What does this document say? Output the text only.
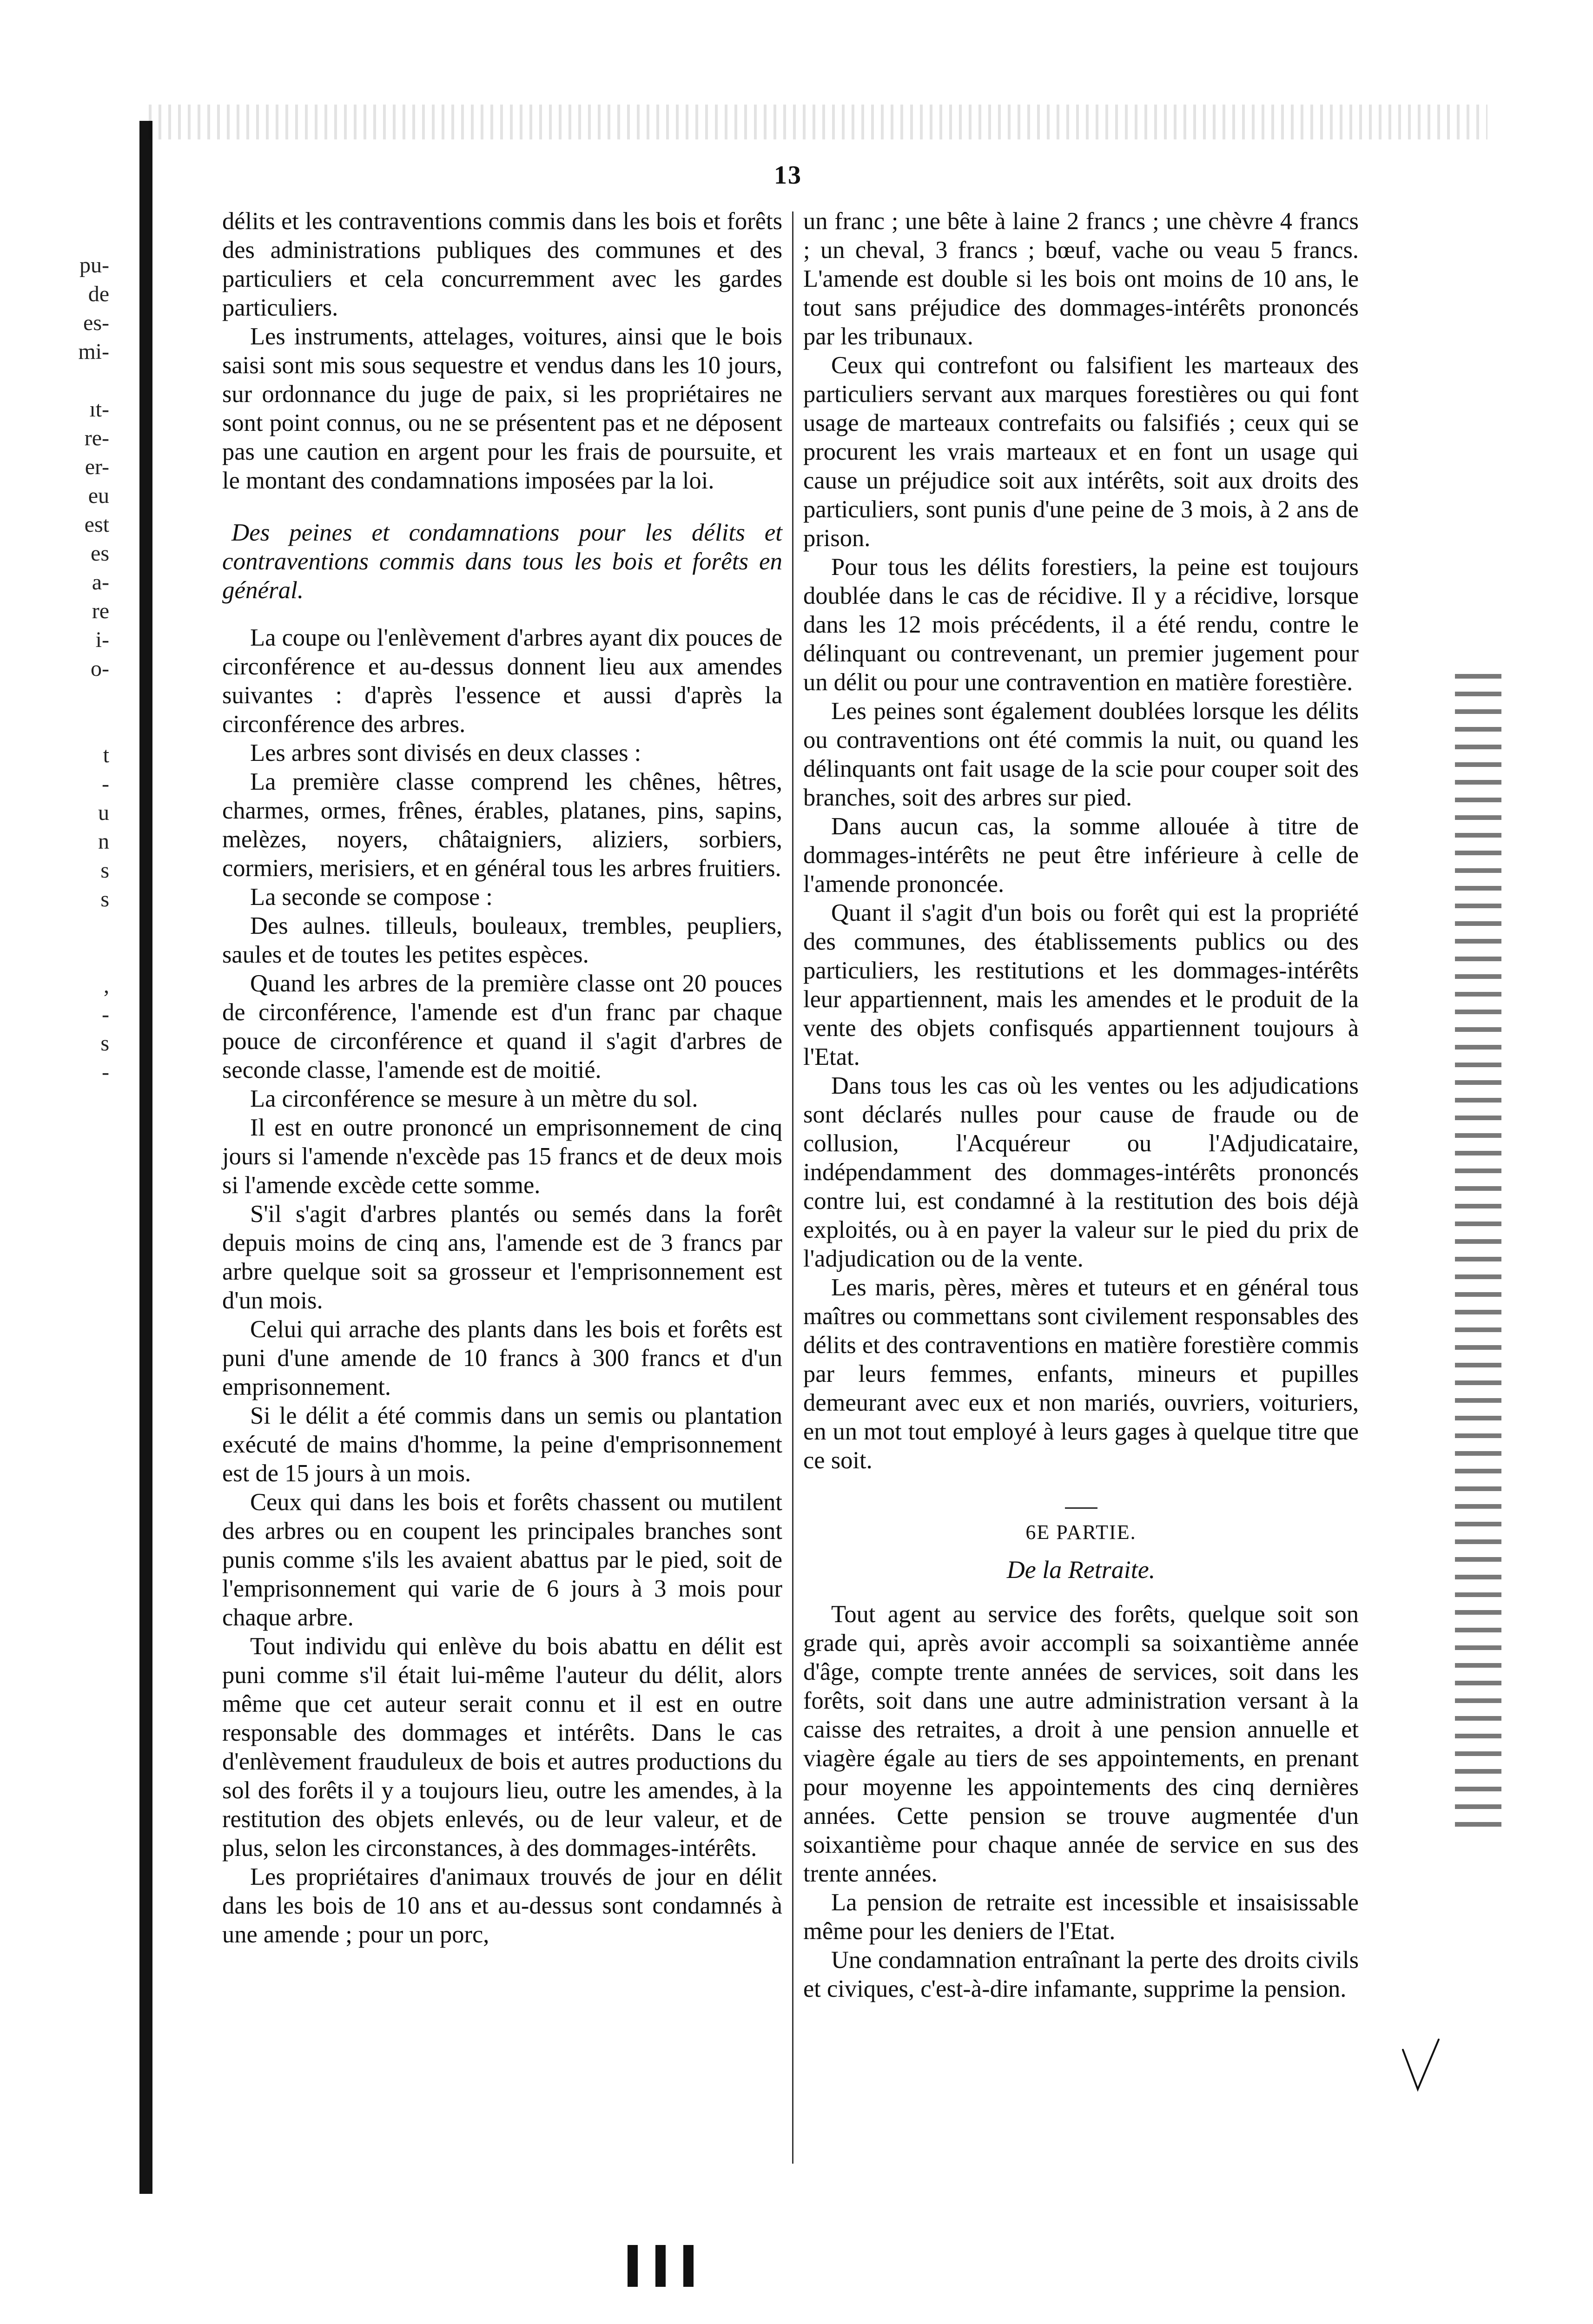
pu-
de
es-
mi-

ıt-
re-
er-
eu
est
es
a-
re
i-
o-

t
-
u
n
s
s

,
-
s
-
13

délits et les contraventions commis dans les bois et forêts des administrations publiques des communes et des particuliers et cela concurremment avec les gardes particuliers.

Les instruments, attelages, voitures, ainsi que le bois saisi sont mis sous sequestre et vendus dans les 10 jours, sur ordonnance du juge de paix, si les propriétaires ne sont point connus, ou ne se présentent pas et ne déposent pas une caution en argent pour les frais de poursuite, et le montant des condamnations imposées par la loi.

Des peines et condamnations pour les délits et contraventions commis dans tous les bois et forêts en général.

La coupe ou l'enlèvement d'arbres ayant dix pouces de circonférence et au-dessus donnent lieu aux amendes suivantes : d'après l'essence et aussi d'après la circonférence des arbres.

Les arbres sont divisés en deux classes :

La première classe comprend les chênes, hêtres, charmes, ormes, frênes, érables, platanes, pins, sapins, melèzes, noyers, châtaigniers, aliziers, sorbiers, cormiers, merisiers, et en général tous les arbres fruitiers.

La seconde se compose :

Des aulnes. tilleuls, bouleaux, trembles, peupliers, saules et de toutes les petites espèces.

Quand les arbres de la première classe ont 20 pouces de circonférence, l'amende est d'un franc par chaque pouce de circonférence et quand il s'agit d'arbres de seconde classe, l'amende est de moitié.

La circonférence se mesure à un mètre du sol.

Il est en outre prononcé un emprisonnement de cinq jours si l'amende n'excède pas 15 francs et de deux mois si l'amende excède cette somme.

S'il s'agit d'arbres plantés ou semés dans la forêt depuis moins de cinq ans, l'amende est de 3 francs par arbre quelque soit sa grosseur et l'emprisonnement est d'un mois.

Celui qui arrache des plants dans les bois et forêts est puni d'une amende de 10 francs à 300 francs et d'un emprisonnement.

Si le délit a été commis dans un semis ou plantation exécuté de mains d'homme, la peine d'emprisonnement est de 15 jours à un mois.

Ceux qui dans les bois et forêts chassent ou mutilent des arbres ou en coupent les principales branches sont punis comme s'ils les avaient abattus par le pied, soit de l'emprisonnement qui varie de 6 jours à 3 mois pour chaque arbre.

Tout individu qui enlève du bois abattu en délit est puni comme s'il était lui-même l'auteur du délit, alors même que cet auteur serait connu et il est en outre responsable des dommages et intérêts. Dans le cas d'enlèvement frauduleux de bois et autres productions du sol des forêts il y a toujours lieu, outre les amendes, à la restitution des objets enlevés, ou de leur valeur, et de plus, selon les circonstances, à des dommages-intérêts.

Les propriétaires d'animaux trouvés de jour en délit dans les bois de 10 ans et au-dessus sont condamnés à une amende ; pour un porc,

un franc ; une bête à laine 2 francs ; une chèvre 4 francs ; un cheval, 3 francs ; bœuf, vache ou veau 5 francs. L'amende est double si les bois ont moins de 10 ans, le tout sans préjudice des dommages-intérêts prononcés par les tribunaux.

Ceux qui contrefont ou falsifient les marteaux des particuliers servant aux marques forestières ou qui font usage de marteaux contrefaits ou falsifiés ; ceux qui se procurent les vrais marteaux et en font un usage qui cause un préjudice soit aux intérêts, soit aux droits des particuliers, sont punis d'une peine de 3 mois, à 2 ans de prison.

Pour tous les délits forestiers, la peine est toujours doublée dans le cas de récidive. Il y a récidive, lorsque dans les 12 mois précédents, il a été rendu, contre le délinquant ou contrevenant, un premier jugement pour un délit ou pour une contravention en matière forestière.

Les peines sont également doublées lorsque les délits ou contraventions ont été commis la nuit, ou quand les délinquants ont fait usage de la scie pour couper soit des branches, soit des arbres sur pied.

Dans aucun cas, la somme allouée à titre de dommages-intérêts ne peut être inférieure à celle de l'amende prononcée.

Quant il s'agit d'un bois ou forêt qui est la propriété des communes, des établissements publics ou des particuliers, les restitutions et les dommages-intérêts leur appartiennent, mais les amendes et le produit de la vente des objets confisqués appartiennent toujours à l'Etat.

Dans tous les cas où les ventes ou les adjudications sont déclarés nulles pour cause de fraude ou de collusion, l'Acquéreur ou l'Adjudicataire, indépendamment des dommages-intérêts prononcés contre lui, est condamné à la restitution des bois déjà exploités, ou à en payer la valeur sur le pied du prix de l'adjudication ou de la vente.

Les maris, pères, mères et tuteurs et en général tous maîtres ou commettans sont civilement responsables des délits et des contraventions en matière forestière commis par leurs femmes, enfants, mineurs et pupilles demeurant avec eux et non mariés, ouvriers, voituriers, en un mot tout employé à leurs gages à quelque titre que ce soit.

6E PARTIE.

De la Retraite.

Tout agent au service des forêts, quelque soit son grade qui, après avoir accompli sa soixantième année d'âge, compte trente années de services, soit dans les forêts, soit dans une autre administration versant à la caisse des retraites, a droit à une pension annuelle et viagère égale au tiers de ses appointements, en prenant pour moyenne les appointements des cinq dernières années. Cette pension se trouve augmentée d'un soixantième pour chaque année de service en sus des trente années.

La pension de retraite est incessible et insaisissable même pour les deniers de l'Etat.

Une condamnation entraînant la perte des droits civils et civiques, c'est-à-dire infamante, supprime la pension.
